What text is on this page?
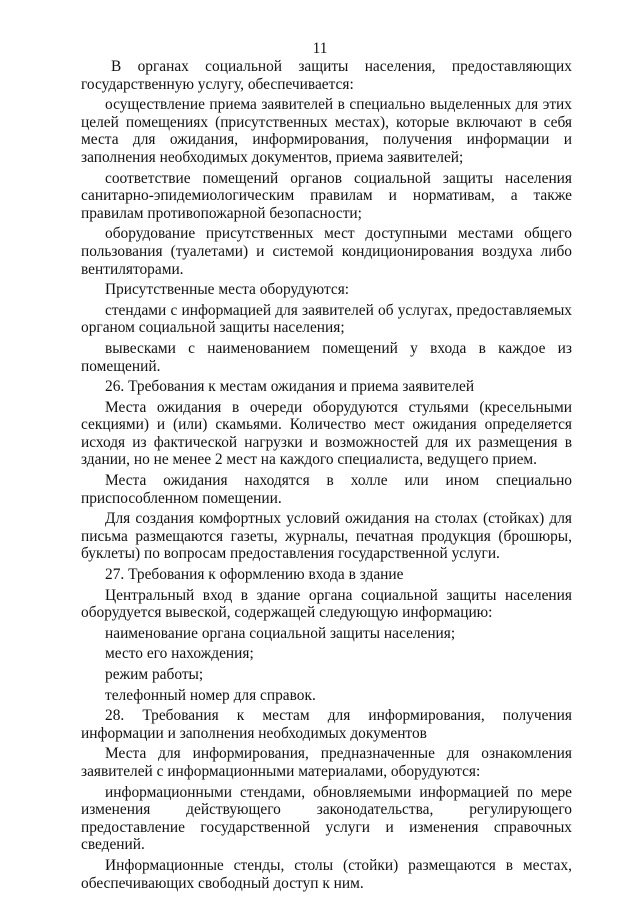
11

В органах социальной защиты населения, предоставляющих государственную услугу, обеспечивается:

осуществление приема заявителей в специально выделенных для этих целей помещениях (присутственных местах), которые включают в себя места для ожидания, информирования, получения информации и заполнения необходимых документов, приема заявителей;

соответствие помещений органов социальной защиты населения санитарно-эпидемиологическим правилам и нормативам, а также правилам противопожарной безопасности;

оборудование присутственных мест доступными местами общего пользования (туалетами) и системой кондиционирования воздуха либо вентиляторами.

Присутственные места оборудуются:

стендами с информацией для заявителей об услугах, предоставляемых органом социальной защиты населения;

вывесками с наименованием помещений у входа в каждое из помещений.

26. Требования к местам ожидания и приема заявителей

Места ожидания в очереди оборудуются стульями (кресельными секциями) и (или) скамьями. Количество мест ожидания определяется исходя из фактической нагрузки и возможностей для их размещения в здании, но не менее 2 мест на каждого специалиста, ведущего прием.

Места ожидания находятся в холле или ином специально приспособленном помещении.

Для создания комфортных условий ожидания на столах (стойках) для письма размещаются газеты, журналы, печатная продукция (брошюры, буклеты) по вопросам предоставления государственной услуги.

27. Требования к оформлению входа в здание

Центральный вход в здание органа социальной защиты населения оборудуется вывеской, содержащей следующую информацию:

наименование органа социальной защиты населения;

место его нахождения;

режим работы;

телефонный номер для справок.

28. Требования к местам для информирования, получения информации и заполнения необходимых документов

Места для информирования, предназначенные для ознакомления заявителей с информационными материалами, оборудуются:

информационными стендами, обновляемыми информацией по мере изменения действующего законодательства, регулирующего предоставление государственной услуги и изменения справочных сведений.

Информационные стенды, столы (стойки) размещаются в местах, обеспечивающих свободный доступ к ним.
